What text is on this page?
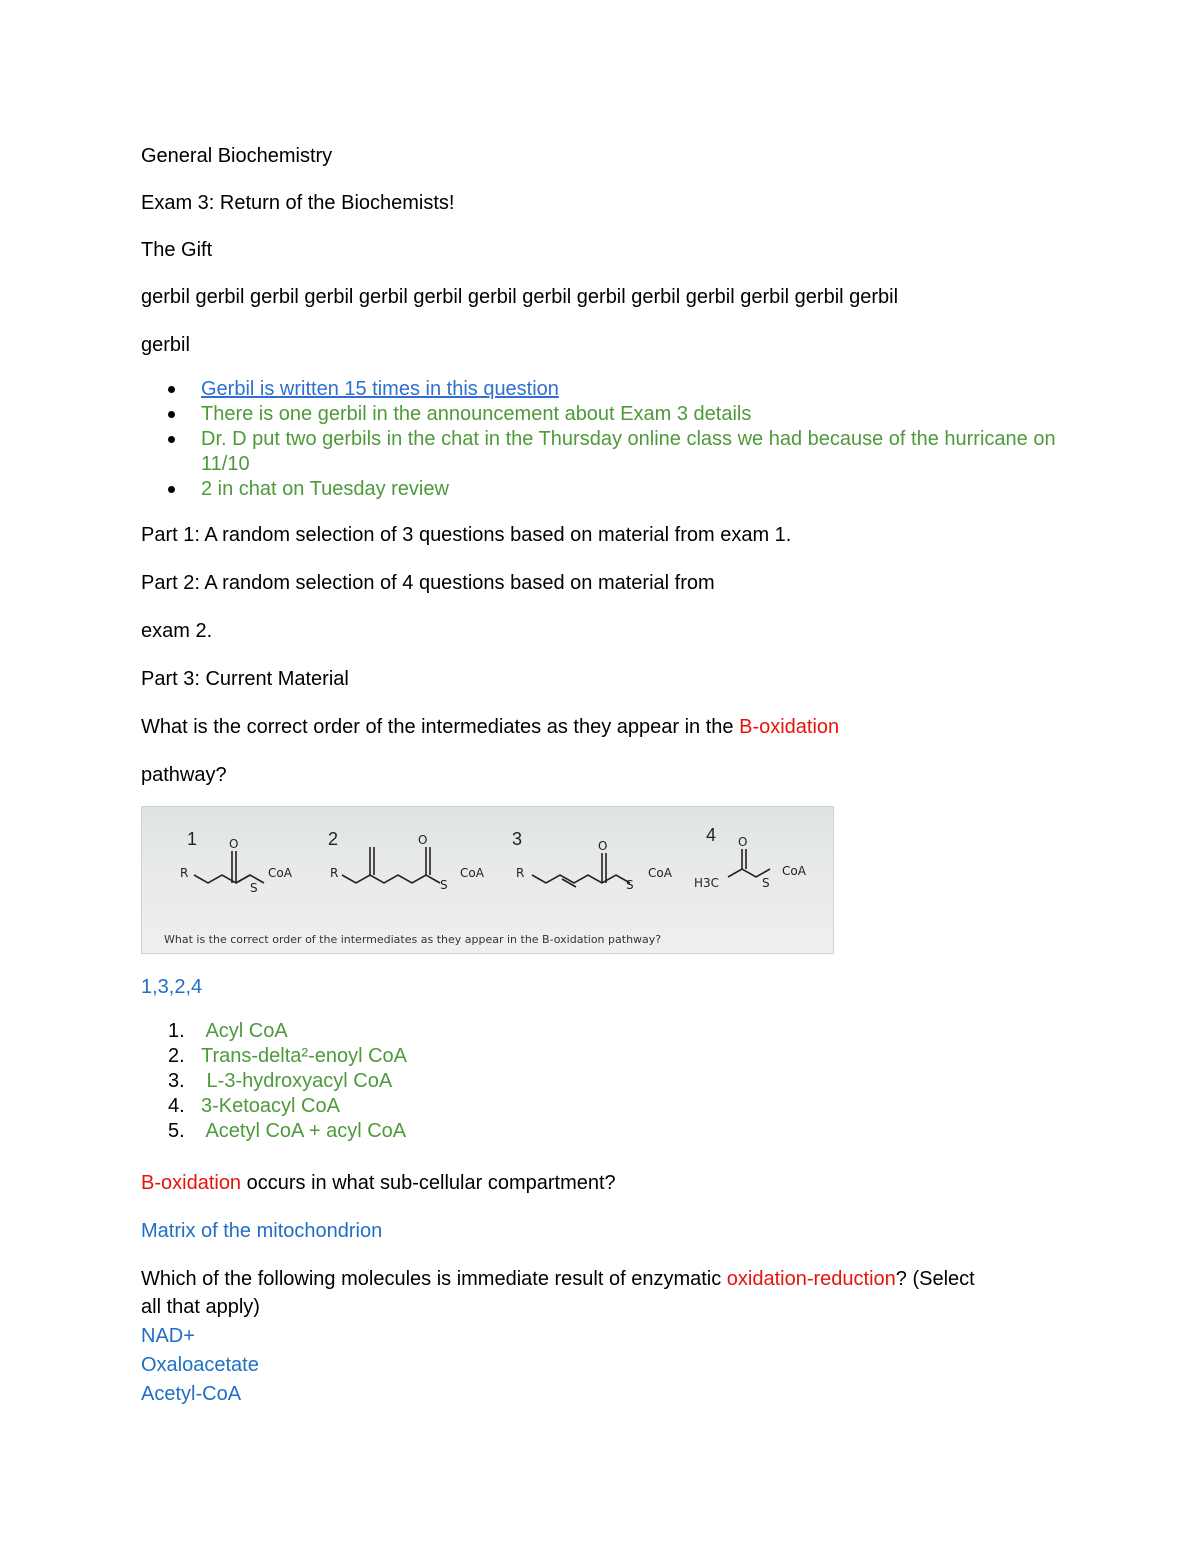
General Biochemistry
Exam 3: Return of the Biochemists!
The Gift
gerbil gerbil gerbil gerbil gerbil gerbil gerbil gerbil gerbil gerbil gerbil gerbil gerbil gerbil
gerbil
Gerbil is written 15 times in this question
There is one gerbil in the announcement about Exam 3 details
Dr. D put two gerbils in the chat in the Thursday online class we had because of the hurricane on 11/10
2 in chat on Tuesday review
Part 1: A random selection of 3 questions based on material from exam 1.
Part 2: A random selection of 4 questions based on material from
exam 2.
Part 3: Current Material
What is the correct order of the intermediates as they appear in the B-oxidation
pathway?
R
S
CoA
O
R
S
CoA
O
R
S
CoA
O
H3C	S
CoA
O
1	2	3	4
What is the correct order of the intermediates as they appear in the B-oxidation pathway?
1,3,2,4
1. Acyl CoA
2. Trans-delta²-enoyl CoA
3. L-3-hydroxyacyl CoA
4. 3-Ketoacyl CoA
5. Acetyl CoA + acyl CoA
B-oxidation occurs in what sub-cellular compartment?
Matrix of the mitochondrion
Which of the following molecules is immediate result of enzymatic oxidation-reduction? (Select
all that apply)
NAD+
Oxaloacetate
Acetyl-CoA
